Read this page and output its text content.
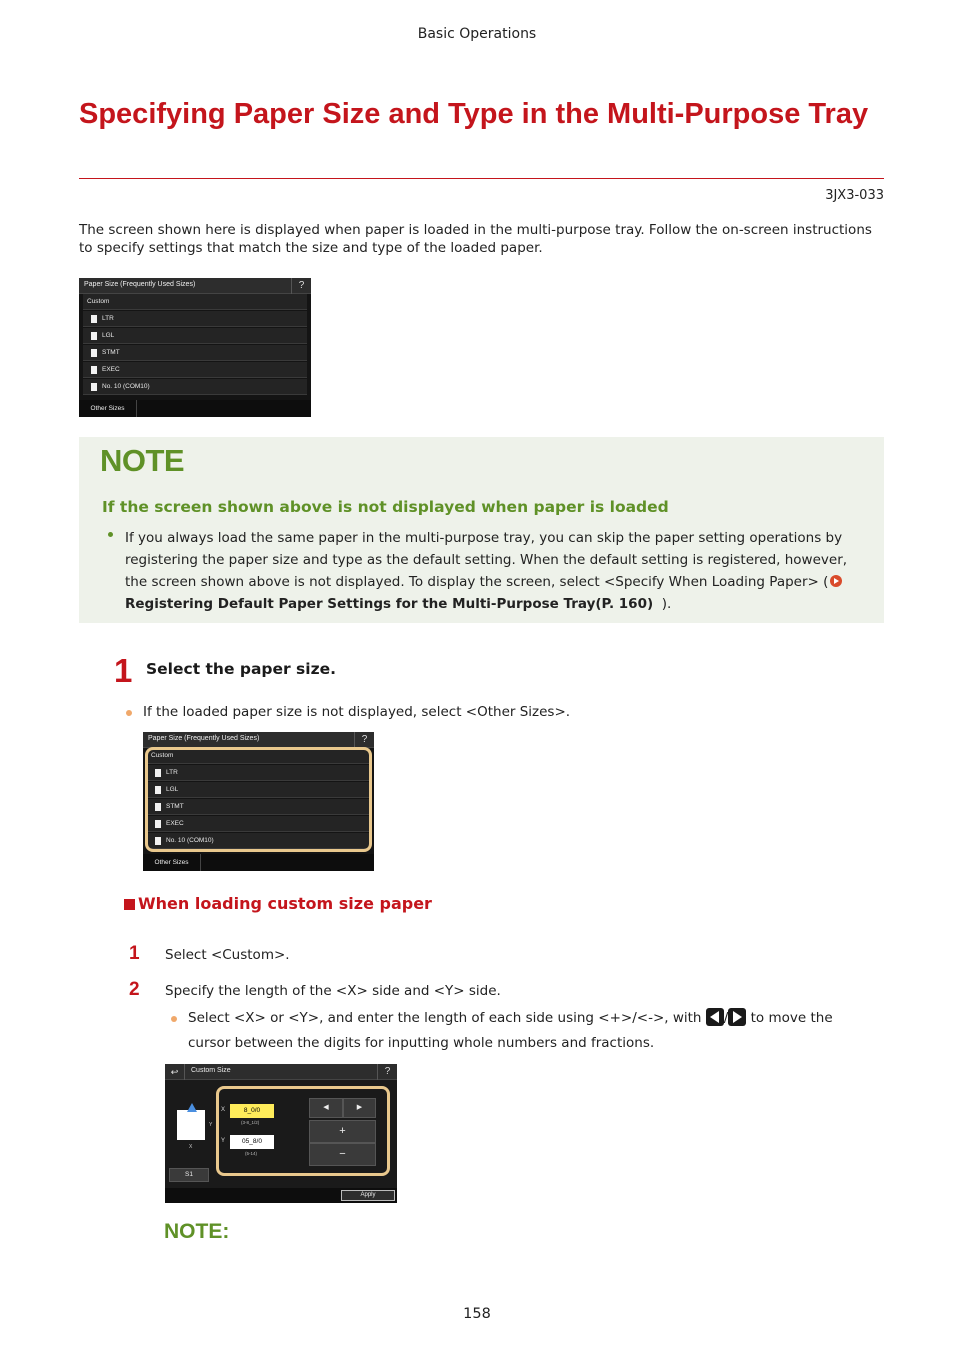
Basic Operations
Specifying Paper Size and Type in the Multi-Purpose Tray
3JX3-033
The screen shown here is displayed when paper is loaded in the multi-purpose tray. Follow the on-screen instructions to specify settings that match the size and type of the loaded paper.
Paper Size (Frequently Used Sizes)	?
Custom
LTR
LGL
STMT
EXEC
No. 10 (COM10)
Other Sizes
NOTE
If the screen shown above is not displayed when paper is loaded
If you always load the same paper in the multi-purpose tray, you can skip the paper setting operations by registering the paper size and type as the default setting. When the default setting is registered, however, the screen shown above is not displayed. To display the screen, select <Specify When Loading Paper> (
Registering Default Paper Settings for the Multi-Purpose Tray(P. 160) ).
1 Select the paper size.
If the loaded paper size is not displayed, select <Other Sizes>.
Paper Size (Frequently Used Sizes)	?
Custom
LTR
LGL
STMT
EXEC
No. 10 (COM10)
Other Sizes
When loading custom size paper
1 Select <Custom>.
2 Specify the length of the <X> side and <Y> side.
Select <X> or <Y>, and enter the length of each side using <+>/<->, with / to move the cursor between the digits for inputting whole numbers and fractions.
↩	Custom Size	?
X
Y
S1
X	8_0/0
(3-8_1/2)
Y	05_8/0
(5-14)
◀	▶
+
−
Apply
NOTE:
158
